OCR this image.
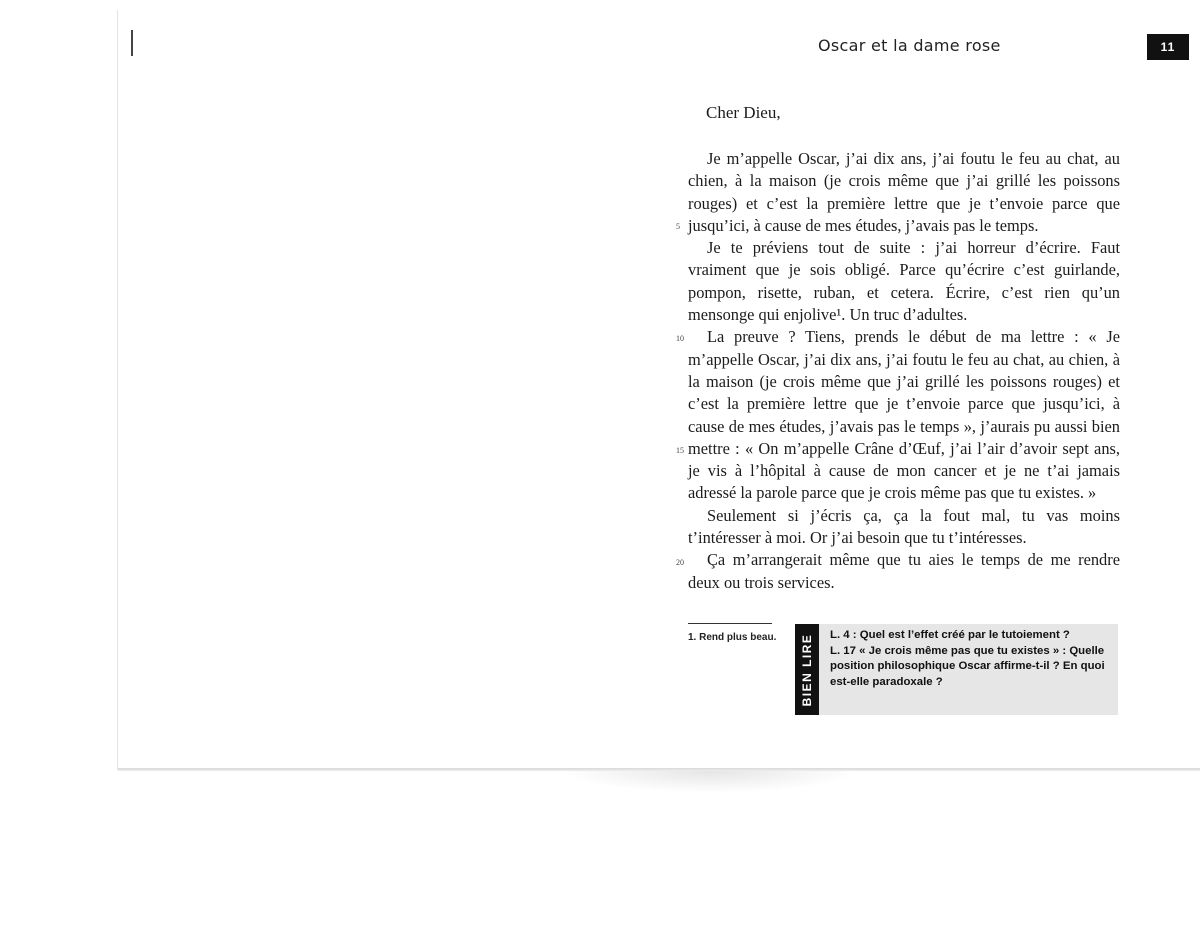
Oscar et la dame rose	11
Cher Dieu,

Je m’appelle Oscar, j’ai dix ans, j’ai foutu le feu au chat, au chien, à la maison (je crois même que j’ai grillé les poissons rouges) et c’est la première lettre que je t’envoie parce que jusqu’ici, à cause de mes études, j’avais pas le temps.

Je te préviens tout de suite : j’ai horreur d’écrire. Faut vraiment que je sois obligé. Parce qu’écrire c’est guirlande, pompon, risette, ruban, et cetera. Écrire, c’est rien qu’un mensonge qui enjolive¹. Un truc d’adultes.

La preuve ? Tiens, prends le début de ma lettre : « Je m’appelle Oscar, j’ai dix ans, j’ai foutu le feu au chat, au chien, à la maison (je crois même que j’ai grillé les poissons rouges) et c’est la première lettre que je t’envoie parce que jusqu’ici, à cause de mes études, j’avais pas le temps », j’aurais pu aussi bien mettre : « On m’appelle Crâne d’Œuf, j’ai l’air d’avoir sept ans, je vis à l’hôpital à cause de mon cancer et je ne t’ai jamais adressé la parole parce que je crois même pas que tu existes. »

Seulement si j’écris ça, ça la fout mal, tu vas moins t’intéresser à moi. Or j’ai besoin que tu t’intéresses.

Ça m’arrangerait même que tu aies le temps de me rendre deux ou trois services.

5
10
15
20
1. Rend plus beau. BIEN LIRE L. 4 : Quel est l’effet créé par le tutoiement ?
L. 17 « Je crois même pas que tu existes » : Quelle position philosophique Oscar affirme-t-il ? En quoi est-elle paradoxale ?
